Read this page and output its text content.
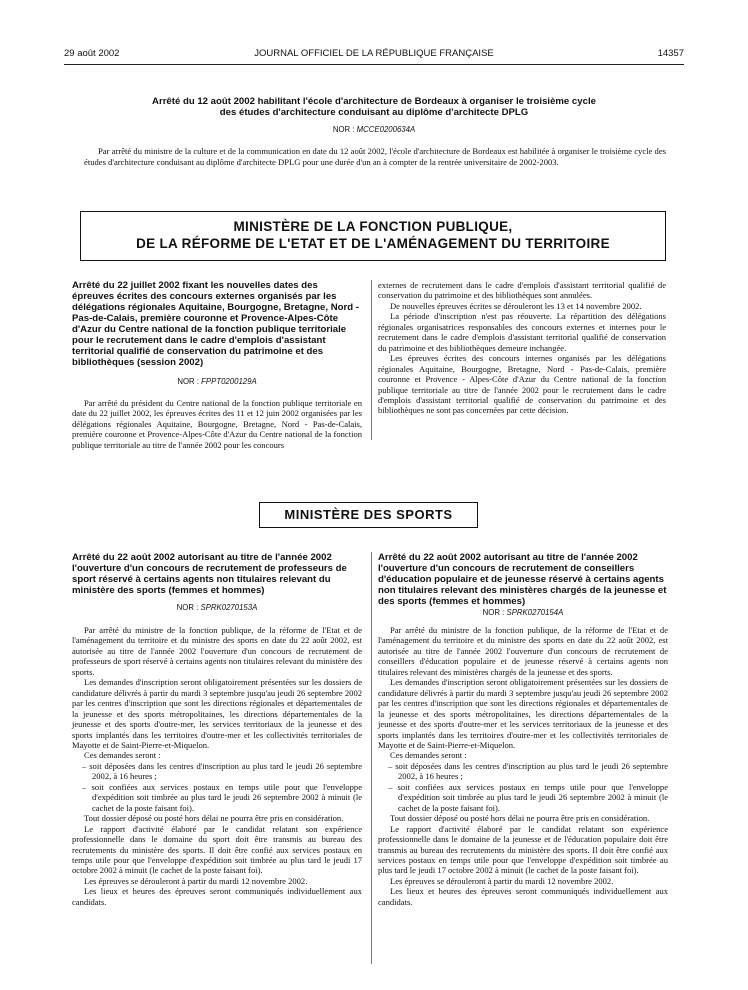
29 août 2002	JOURNAL OFFICIEL DE LA RÉPUBLIQUE FRANÇAISE	14357
Arrêté du 12 août 2002 habilitant l'école d'architecture de Bordeaux à organiser le troisième cycle des études d'architecture conduisant au diplôme d'architecte DPLG
NOR : MCCE0200634A

Par arrêté du ministre de la culture et de la communication en date du 12 août 2002, l'école d'architecture de Bordeaux est habilitée à organiser le troisième cycle des études d'architecture conduisant au diplôme d'architecte DPLG pour une durée d'un an à compter de la rentrée universitaire de 2002-2003.

MINISTÈRE DE LA FONCTION PUBLIQUE,
DE LA RÉFORME DE L'ETAT ET DE L'AMÉNAGEMENT DU TERRITOIRE
Arrêté du 22 juillet 2002 fixant les nouvelles dates des épreuves écrites des concours externes organisés par les délégations régionales Aquitaine, Bourgogne, Bretagne, Nord - Pas-de-Calais, première couronne et Provence-Alpes-Côte d'Azur du Centre national de la fonction publique territoriale pour le recrutement dans le cadre d'emplois d'assistant territorial qualifié de conservation du patrimoine et des bibliothèques (session 2002)
NOR : FPPT0200129A

Par arrêté du président du Centre national de la fonction publique territoriale en date du 22 juillet 2002, les épreuves écrites des 11 et 12 juin 2002 organisées par les délégations régionales Aquitaine, Bourgogne, Bretagne, Nord - Pas-de-Calais, première couronne et Provence-Alpes-Côte d'Azur du Centre national de la fonction publique territoriale au titre de l'année 2002 pour les concours

externes de recrutement dans le cadre d'emplois d'assistant territorial qualifié de conservation du patrimoine et des bibliothèques sont annulées.

De nouvelles épreuves écrites se dérouleront les 13 et 14 novembre 2002.

La période d'inscription n'est pas réouverte. La répartition des délégations régionales organisatrices responsables des concours externes et internes pour le recrutement dans le cadre d'emplois d'assistant territorial qualifié de conservation du patrimoine et des bibliothèques demeure inchangée.

Les épreuves écrites des concours internes organisés par les délégations régionales Aquitaine, Bourgogne, Bretagne, Nord - Pas-de-Calais, première couronne et Provence - Alpes-Côte d'Azur du Centre national de la fonction publique territoriale au titre de l'année 2002 pour le recrutement dans le cadre d'emplois d'assistant territorial qualifié de conservation du patrimoine et des bibliothèques ne sont pas concernées par cette décision.

MINISTÈRE DES SPORTS
Arrêté du 22 août 2002 autorisant au titre de l'année 2002 l'ouverture d'un concours de recrutement de professeurs de sport réservé à certains agents non titulaires relevant du ministère des sports (femmes et hommes)
NOR : SPRK0270153A

Par arrêté du ministre de la fonction publique, de la réforme de l'Etat et de l'aménagement du territoire et du ministre des sports en date du 22 août 2002, est autorisée au titre de l'année 2002 l'ouverture d'un concours de recrutement de professeurs de sport réservé à certains agents non titulaires relevant du ministère des sports.

Les demandes d'inscription seront obligatoirement présentées sur les dossiers de candidature délivrés à partir du mardi 3 septembre jusqu'au jeudi 26 septembre 2002 par les centres d'inscription que sont les directions régionales et départementales de la jeunesse et des sports métropolitaines, les directions départementales de la jeunesse et des sports d'outre-mer, les services territoriaux de la jeunesse et des sports implantés dans les territoires d'outre-mer et les collectivités territoriales de Mayotte et de Saint-Pierre-et-Miquelon.

Ces demandes seront :

– soit déposées dans les centres d'inscription au plus tard le jeudi 26 septembre 2002, à 16 heures ;

– soit confiées aux services postaux en temps utile pour que l'enveloppe d'expédition soit timbrée au plus tard le jeudi 26 septembre 2002 à minuit (le cachet de la poste faisant foi).

Tout dossier déposé ou posté hors délai ne pourra être pris en considération.

Le rapport d'activité élaboré par le candidat relatant son expérience professionnelle dans le domaine du sport doit être transmis au bureau des recrutements du ministère des sports. Il doit être confié aux services postaux en temps utile pour que l'enveloppe d'expédition soit timbrée au plus tard le jeudi 17 octobre 2002 à minuit (le cachet de la poste faisant foi).

Les épreuves se dérouleront à partir du mardi 12 novembre 2002.

Les lieux et heures des épreuves seront communiqués individuellement aux candidats.

Arrêté du 22 août 2002 autorisant au titre de l'année 2002 l'ouverture d'un concours de recrutement de conseillers d'éducation populaire et de jeunesse réservé à certains agents non titulaires relevant des ministères chargés de la jeunesse et des sports (femmes et hommes)
NOR : SPRK0270154A

Par arrêté du ministre de la fonction publique, de la réforme de l'Etat et de l'aménagement du territoire et du ministre des sports en date du 22 août 2002, est autorisée au titre de l'année 2002 l'ouverture d'un concours de recrutement de conseillers d'éducation populaire et de jeunesse réservé à certains agents non titulaires relevant des ministères chargés de la jeunesse et des sports.

Les demandes d'inscription seront obligatoirement présentées sur les dossiers de candidature délivrés à partir du mardi 3 septembre jusqu'au jeudi 26 septembre 2002 par les centres d'inscription que sont les directions régionales et départementales de la jeunesse et des sports métropolitaines, les directions départementales de la jeunesse et des sports d'outre-mer et les services territoriaux de la jeunesse et des sports implantés dans les territoires d'outre-mer et les collectivités territoriales de Mayotte et de Saint-Pierre-et-Miquelon.

Ces demandes seront :

– soit déposées dans les centres d'inscription au plus tard le jeudi 26 septembre 2002, à 16 heures ;

– soit confiées aux services postaux en temps utile pour que l'enveloppe d'expédition soit timbrée au plus tard le jeudi 26 septembre 2002 à minuit (le cachet de la poste faisant foi).

Tout dossier déposé ou posté hors délai ne pourra être pris en considération.

Le rapport d'activité élaboré par le candidat relatant son expérience professionnelle dans le domaine de la jeunesse et de l'éducation populaire doit être transmis au bureau des recrutements du ministère des sports. Il doit être confié aux services postaux en temps utile pour que l'enveloppe d'expédition soit timbrée au plus tard le jeudi 17 octobre 2002 à minuit (le cachet de la poste faisant foi).

Les épreuves se dérouleront à partir du mardi 12 novembre 2002.

Les lieux et heures des épreuves seront communiqués individuellement aux candidats.
